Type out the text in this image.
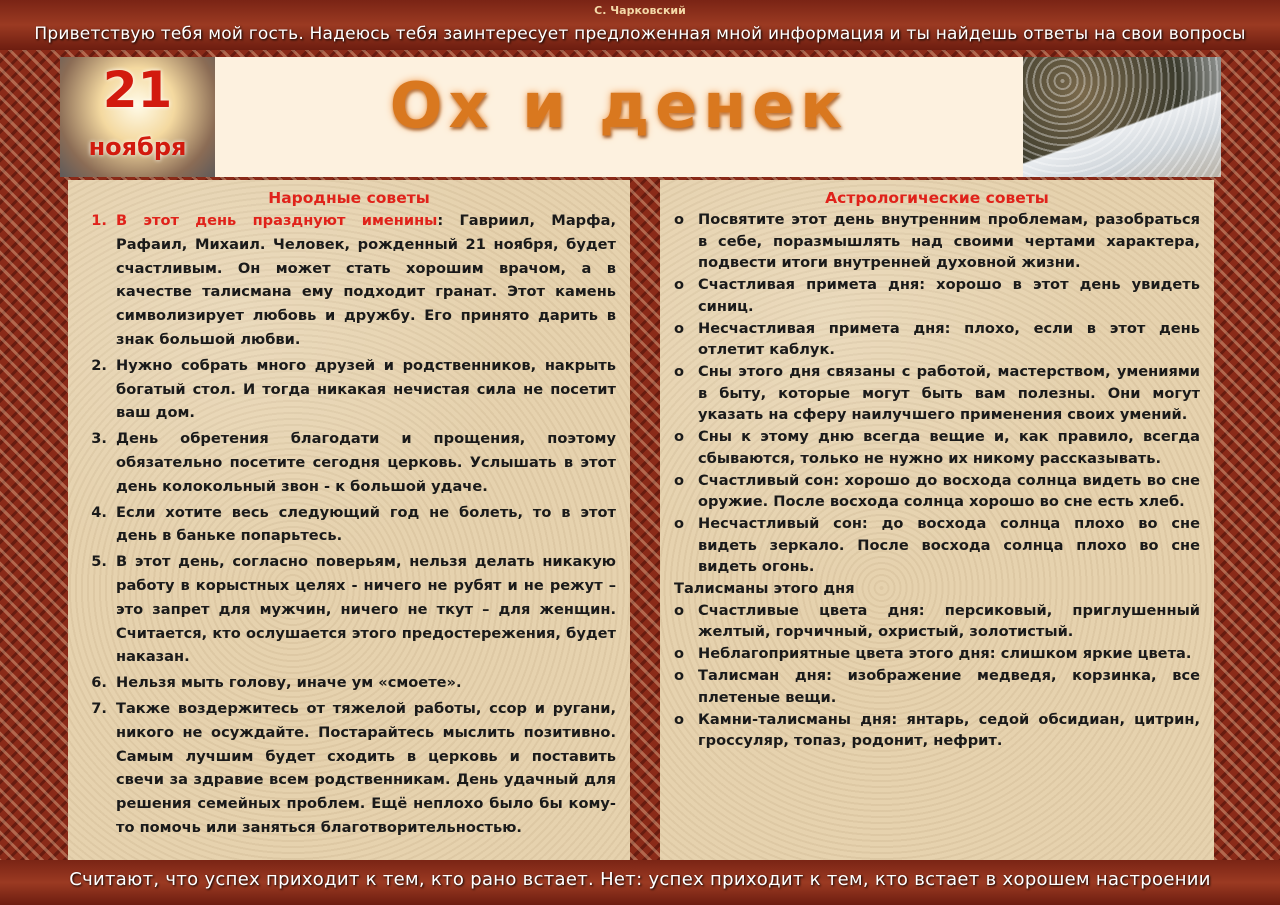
С. Чарковский
Приветствую тебя мой гость. Надеюсь тебя заинтересует предложенная мной информация и ты найдешь ответы на свои вопросы
21
ноября
Ох и денек
Народные советы
1. В этот день празднуют именины: Гавриил, Марфа, Рафаил, Михаил. Человек, рожденный 21 ноября, будет счастливым. Он может стать хорошим врачом, а в качестве талисмана ему подходит гранат. Этот камень символизирует любовь и дружбу. Его принято дарить в знак большой любви.
2. Нужно собрать много друзей и родственников, накрыть богатый стол. И тогда никакая нечистая сила не посетит ваш дом.
3. День обретения благодати и прощения, поэтому обязательно посетите сегодня церковь. Услышать в этот день колокольный звон - к большой удаче.
4. Если хотите весь следующий год не болеть, то в этот день в баньке попарьтесь.
5. В этот день, согласно поверьям, нельзя делать никакую работу в корыстных целях - ничего не рубят и не режут – это запрет для мужчин, ничего не ткут – для женщин. Считается, кто ослушается этого предостережения, будет наказан.
6. Нельзя мыть голову, иначе ум «смоете».
7. Также воздержитесь от тяжелой работы, ссор и ругани, никого не осуждайте. Постарайтесь мыслить позитивно. Самым лучшим будет сходить в церковь и поставить свечи за здравие всем родственникам. День удачный для решения семейных проблем. Ещё неплохо было бы кому-то помочь или заняться благотворительностью.
Астрологические советы
o Посвятите этот день внутренним проблемам, разобраться в себе, поразмышлять над своими чертами характера, подвести итоги внутренней духовной жизни.
o Счастливая примета дня: хорошо в этот день увидеть синиц.
o Несчастливая примета дня: плохо, если в этот день отлетит каблук.
o Сны этого дня связаны с работой, мастерством, умениями в быту, которые могут быть вам полезны. Они могут указать на сферу наилучшего применения своих умений.
o Сны к этому дню всегда вещие и, как правило, всегда сбываются, только не нужно их никому рассказывать.
o Счастливый сон: хорошо до восхода солнца видеть во сне оружие. После восхода солнца хорошо во сне есть хлеб.
o Несчастливый сон: до восхода солнца плохо во сне видеть зеркало. После восхода солнца плохо во сне видеть огонь.
Талисманы этого дня
o Счастливые цвета дня: персиковый, приглушенный желтый, горчичный, охристый, золотистый.
o Неблагоприятные цвета этого дня: слишком яркие цвета.
o Талисман дня: изображение медведя, корзинка, все плетеные вещи.
o Камни-талисманы дня: янтарь, седой обсидиан, цитрин, гроссуляр, топаз, родонит, нефрит.
Считают, что успех приходит к тем, кто рано встает. Нет: успех приходит к тем, кто встает в хорошем настроении
